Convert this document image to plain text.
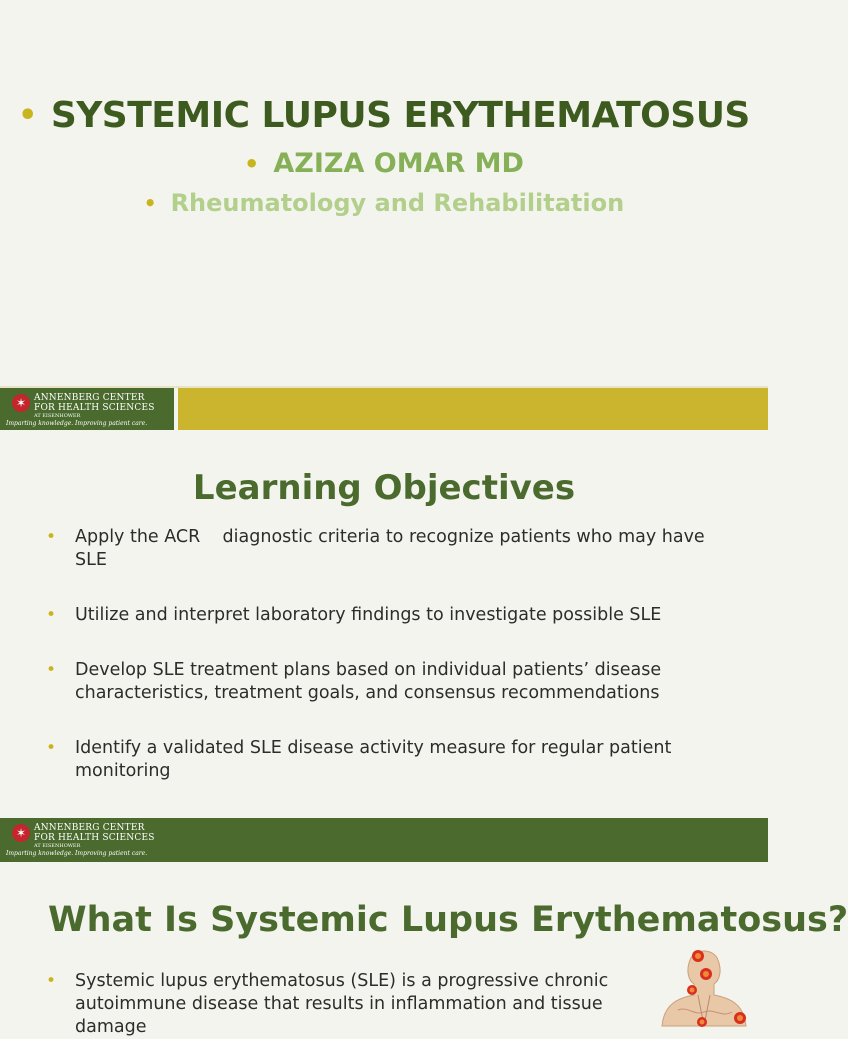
• SYSTEMIC LUPUS ERYTHEMATOSUS
• AZIZA OMAR MD
• Rheumatology and Rehabilitation
✶ ANNENBERG CENTER
FOR HEALTH SCIENCES
AT EISENHOWER
Imparting knowledge. Improving patient care.
Learning Objectives
• Apply the ACR    diagnostic criteria to recognize patients who may have SLE
• Utilize and interpret laboratory findings to investigate possible SLE
• Develop SLE treatment plans based on individual patients’ disease characteristics, treatment goals, and consensus recommendations
• Identify a validated SLE disease activity measure for regular patient monitoring
✶ ANNENBERG CENTER
FOR HEALTH SCIENCES
AT EISENHOWER
Imparting knowledge. Improving patient care.
What Is Systemic Lupus Erythematosus?
• Systemic lupus erythematosus (SLE) is a progressive chronic autoimmune disease that results in inflammation and tissue damage
